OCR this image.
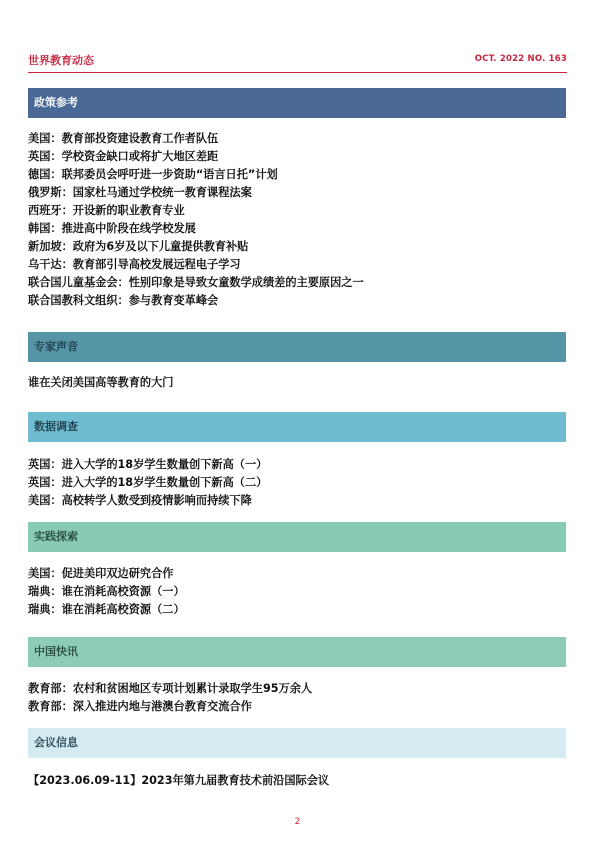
世界教育动态	OCT. 2022 NO. 163
政策参考
美国：教育部投资建设教育工作者队伍
英国：学校资金缺口或将扩大地区差距
德国：联邦委员会呼吁进一步资助“语言日托”计划
俄罗斯：国家杜马通过学校统一教育课程法案
西班牙：开设新的职业教育专业
韩国：推进高中阶段在线学校发展
新加坡：政府为6岁及以下儿童提供教育补贴
乌干达：教育部引导高校发展远程电子学习
联合国儿童基金会：性别印象是导致女童数学成绩差的主要原因之一
联合国教科文组织：参与教育变革峰会
专家声音
谁在关闭美国高等教育的大门
数据调查
英国：进入大学的18岁学生数量创下新高（一）
英国：进入大学的18岁学生数量创下新高（二）
美国：高校转学人数受到疫情影响而持续下降
实践探索
美国：促进美印双边研究合作
瑞典：谁在消耗高校资源（一）
瑞典：谁在消耗高校资源（二）
中国快讯
教育部：农村和贫困地区专项计划累计录取学生95万余人
教育部：深入推进内地与港澳台教育交流合作
会议信息
【2023.06.09-11】2023年第九届教育技术前沿国际会议
2
